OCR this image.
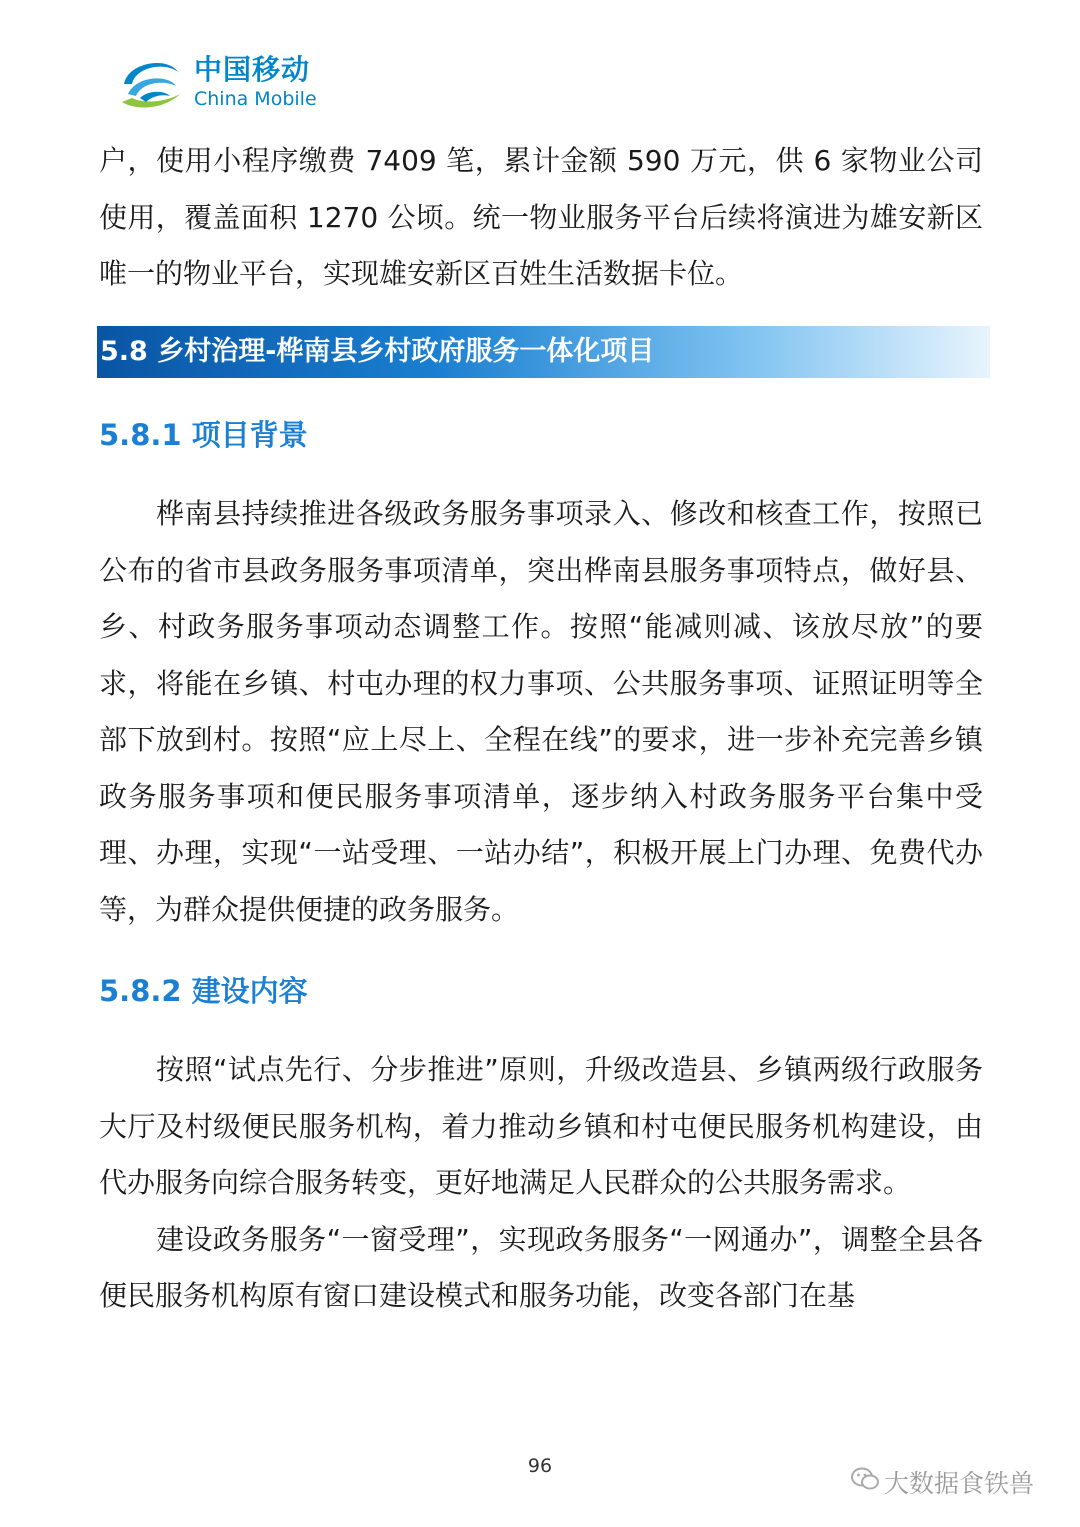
中国移动
China Mobile

户，使用小程序缴费 7409 笔，累计金额 590 万元，供 6 家物业公司使用，覆盖面积 1270 公顷。统一物业服务平台后续将演进为雄安新区唯一的物业平台，实现雄安新区百姓生活数据卡位。

5.8 乡村治理-桦南县乡村政府服务一体化项目
5.8.1 项目背景

桦南县持续推进各级政务服务事项录入、修改和核查工作，按照已公布的省市县政务服务事项清单，突出桦南县服务事项特点，做好县、乡、村政务服务事项动态调整工作。按照“能减则减、该放尽放”的要求，将能在乡镇、村屯办理的权力事项、公共服务事项、证照证明等全部下放到村。按照“应上尽上、全程在线”的要求，进一步补充完善乡镇政务服务事项和便民服务事项清单，逐步纳入村政务服务平台集中受理、办理，实现“一站受理、一站办结”，积极开展上门办理、免费代办等，为群众提供便捷的政务服务。

5.8.2 建设内容

按照“试点先行、分步推进”原则，升级改造县、乡镇两级行政服务大厅及村级便民服务机构，着力推动乡镇和村屯便民服务机构建设，由代办服务向综合服务转变，更好地满足人民群众的公共服务需求。

建设政务服务“一窗受理”，实现政务服务“一网通办”，调整全县各便民服务机构原有窗口建设模式和服务功能，改变各部门在基

96
大数据食铁兽
